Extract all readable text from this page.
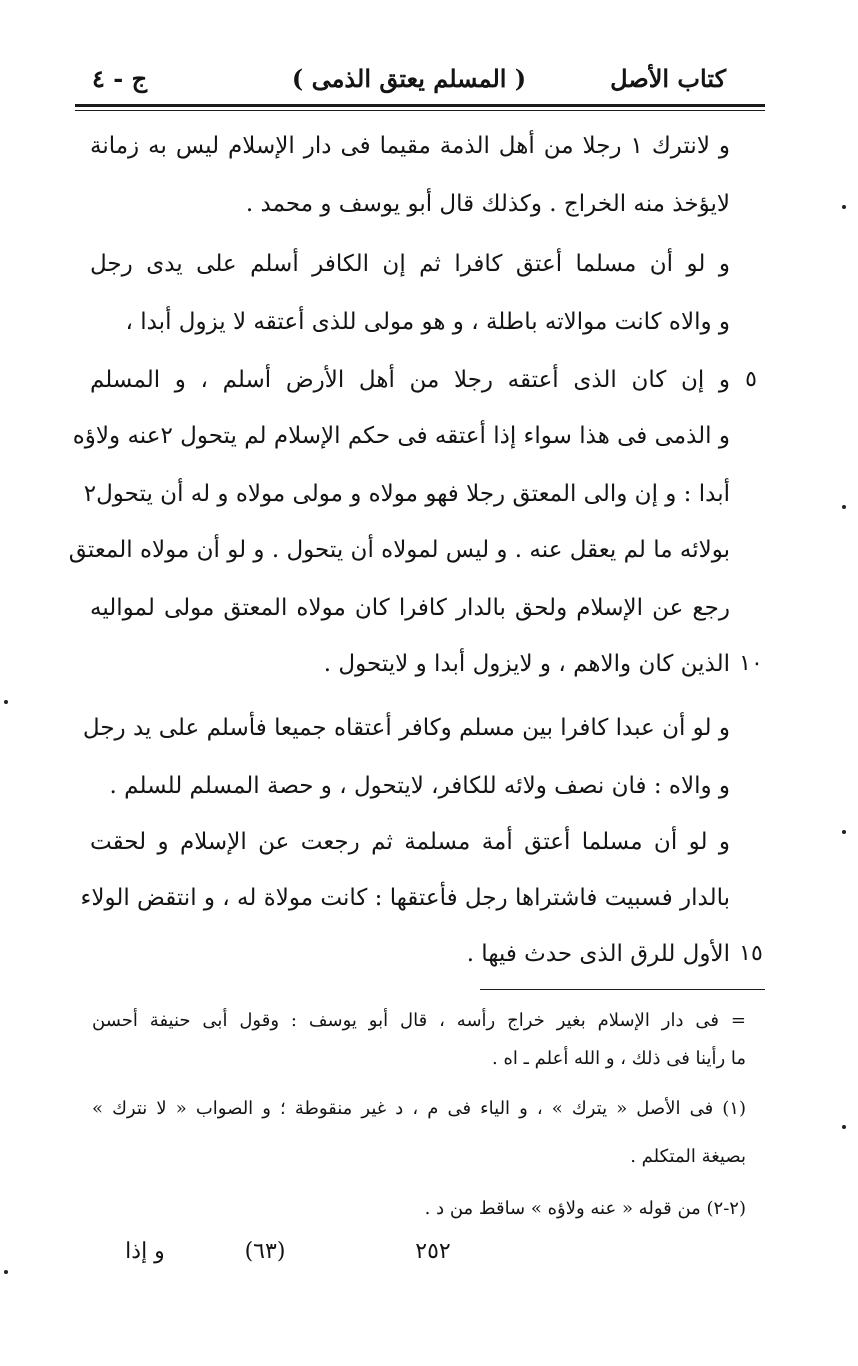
كتاب الأصل
( المسلم يعتق الذمى )
ج - ٤
و لانترك ١ رجلا من أهل الذمة مقيما فى دار الإسلام ليس به زمانة
لايؤخذ منه الخراج . وكذلك قال أبو يوسف و محمد .
و لو أن مسلما أعتق كافرا ثم إن الكافر أسلم على يدى رجل
و والاه كانت موالاته باطلة ، و هو مولى للذى أعتقه لا يزول أبدا ،
و إن كان الذى أعتقه رجلا من أهل الأرض أسلم ، و المسلم ٥
و الذمى فى هذا سواء إذا أعتقه فى حكم الإسلام لم يتحول ٢عنه ولاؤه
أبدا : و إن والى المعتق رجلا فهو مولاه و مولى مولاه و له أن يتحول٢
بولائه ما لم يعقل عنه . و ليس لمولاه أن يتحول . و لو أن مولاه المعتق
رجع عن الإسلام ولحق بالدار كافرا كان مولاه المعتق مولى لمواليه
الذين كان والاهم ، و لايزول أبدا و لايتحول . ١٠
و لو أن عبدا كافرا بين مسلم وكافر أعتقاه جميعا فأسلم على يد رجل
و والاه : فان نصف ولائه للكافر، لايتحول ، و حصة المسلم للسلم .
و لو أن مسلما أعتق أمة مسلمة ثم رجعت عن الإسلام و لحقت
بالدار فسبيت فاشتراها رجل فأعتقها : كانت مولاة له ، و انتقض الولاء
الأول للرق الذى حدث فيها . ١٥
= فى دار الإسلام بغير خراج رأسه ، قال أبو يوسف : وقول أبى حنيفة أحسن
ما رأينا فى ذلك ، و الله أعلم ـ اه .
(١) فى الأصل « يترك » ، و الياء فى م ، د غير منقوطة ؛ و الصواب « لا نترك »
بصيغة المتكلم .
(٢-٢) من قوله « عنه ولاؤه » ساقط من د .
٢٥٢
(٦٣)
و إذا
